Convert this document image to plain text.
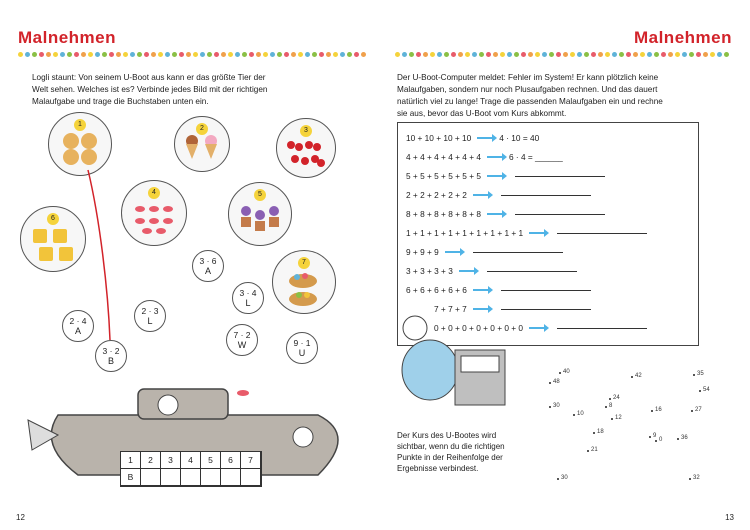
Malnehmen
Logli staunt: Von seinem U-Boot aus kann er das größte Tier der Welt sehen. Welches ist es? Verbinde jedes Bild mit der richtigen Malaufgabe und trage die Buchstaben unten ein.
1
2	3
4	5
6
7
3 · 6
A
3 · 4
L
2 · 3
L
2 · 4
A	7 · 2
W	9 · 1
U
3 · 2
B
1	2	3	4	5	6	7
B
12
Malnehmen
Der U-Boot-Computer meldet: Fehler im System! Er kann plötzlich keine Malaufgaben, sondern nur noch Plusaufgaben rechnen. Und das dauert natürlich viel zu lange! Trage die passenden Malaufgaben ein und rechne sie aus, bevor das U-Boot vom Kurs abkommt.
10 + 10 + 10 + 10	4 · 10 = 40
4 + 4 + 4 + 4 + 4 + 4	6 · 4 = ______
5 + 5 + 5 + 5 + 5 + 5
2 + 2 + 2 + 2 + 2
8 + 8 + 8 + 8 + 8 + 8
1 + 1 + 1 + 1 + 1 + 1 + 1 + 1 + 1
9 + 9 + 9
3 + 3 + 3 + 3
6 + 6 + 6 + 6 + 6
7 + 7 + 7
0 + 0 + 0 + 0 + 0 + 0 + 0
40
42	35
48
54
24
30	8
27
16
10
12
18
9
0	36
21
30	32
Der Kurs des U-Bootes wird sichtbar, wenn du die richtigen Punkte in der Reihenfolge der Ergebnisse verbindest.
13
